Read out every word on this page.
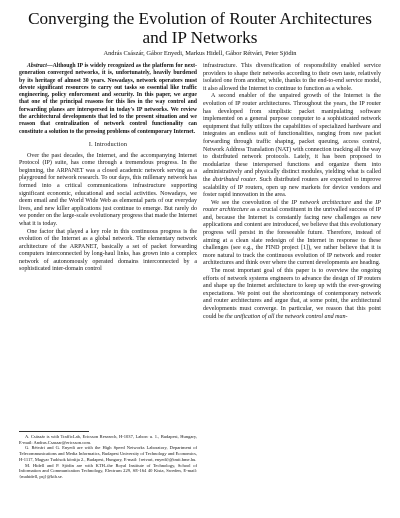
Converging the Evolution of Router Architectures
and IP Networks
András Császár, Gábor Enyedi, Markus Hidell, Gábor Rétvári, Peter Sjödin

Abstract—Although IP is widely recognized as the platform for next-generation converged networks, it is, unfortunately, heavily burdened by its heritage of almost 30 years. Nowadays, network operators must devote significant resources to carry out tasks so essential like traffic engineering, policy enforcement and security. In this paper, we argue that one of the principal reasons for this lies in the way control and forwarding planes are interspersed in today's IP networks. We review the architectural developments that led to the present situation and we reason that centralization of network control functionality can constitute a solution to the pressing problems of contemporary Internet.

I. Introduction

Over the past decades, the Internet, and the accompanying Internet Protocol (IP) suite, has come through a tremendous progress. In the beginning, the ARPANET was a closed academic network serving as a playground for network research. To our days, this millenary network has formed into a critical communications infrastructure supporting significant economic, educational and social activities. Nowadays, we deem email and the World Wide Web as elemental parts of our everyday lives, and new killer applications just continue to emerge. But rarely do we ponder on the large-scale evolutionary progress that made the Internet what it is today.

One factor that played a key role in this continuous progress is the evolution of the Internet as a global network. The elementary network architecture of the ARPANET, basically a set of packet forwarding computers interconnected by long-haul links, has grown into a complex network of autonomously operated domains interconnected by a sophisticated inter-domain control

A. Császár is with TrafficLab, Ericsson Research, H-1037, Laborc u. 1., Budapest, Hungary, E-mail: Andras.Csaszar@ericsson.com.

G. Rétvári and G. Enyedi are with the High Speed Networks Laboratory, Department of Telecommunications and Media Informatics, Budapest University of Technology and Economics, H-1117, Magyar Tudósok körútja 2., Budapest, Hungary, E-mail: {retvari, enyedi}@tmit.bme.hu.

M. Hidell and P. Sjödin are with KTH–the Royal Institute of Technology, School of Information and Communication Technology, Electrum 229, SE-164 40 Kista, Sweden, E-mail: {mahidell, psj}@kth.se.

infrastructure. This diversification of responsibility enabled service providers to shape their networks according to their own taste, relatively isolated one from another, while, thanks to the end-to-end service model, it also allowed the Internet to continue to function as a whole.

A second enabler of the unpaired growth of the Internet is the evolution of IP router architectures. Throughout the years, the IP router has developed from simplistic packet manipulating software implemented on a general purpose computer to a sophisticated network equipment that fully utilizes the capabilities of specialized hardware and integrates an endless suit of functionalities, ranging from raw packet forwarding through traffic shaping, packet queuing, access control, Network Address Translation (NAT) with connection tracking all the way to distributed network protocols. Lately, it has been proposed to modularize these interspersed functions and organize them into administratively and physically distinct modules, yielding what is called the distributed router. Such distributed routers are expected to improve scalability of IP routers, open up new markets for device vendors and foster rapid innovation in the area.

We see the coevolution of the IP network architecture and the IP router architecture as a crucial constituent in the unrivalled success of IP and, because the Internet is constantly facing new challenges as new applications and content are introduced, we believe that this evolutionary progress will persist in the foreseeable future. Therefore, instead of aiming at a clean slate redesign of the Internet in response to these challenges (see e.g., the FIND project [1]), we rather believe that it is more natural to track the continuous evolution of IP network and router architectures and think over where the current developments are heading.

The most important goal of this paper is to overview the ongoing efforts of network systems engineers to advance the design of IP routers and shape up the Internet architecture to keep up with the ever-growing expectations. We point out the shortcomings of contemporary network and router architectures and argue that, at some point, the architectural developments must converge. In particular, we reason that this point could be the unification of all the network control and man-
